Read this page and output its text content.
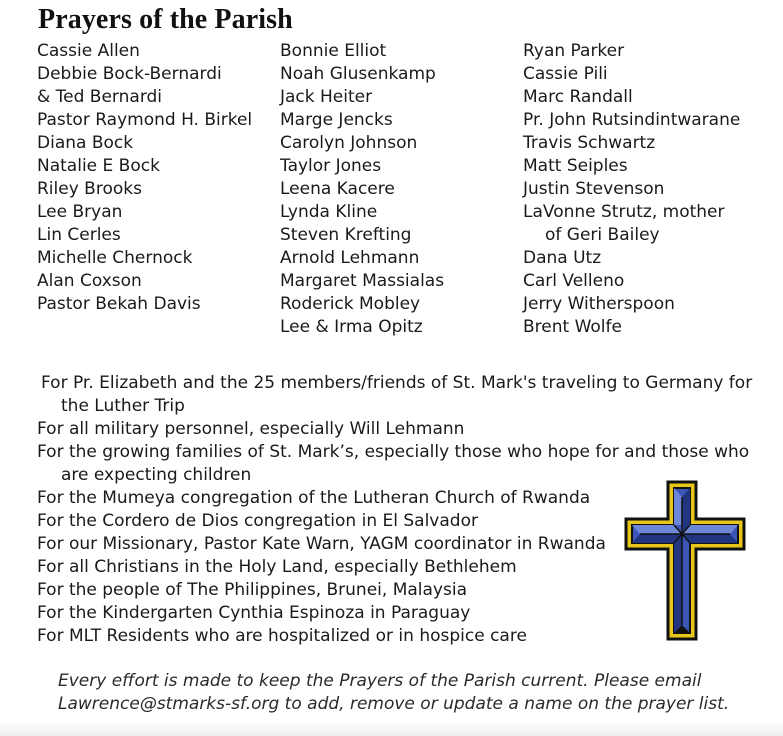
Prayers of the Parish
Cassie Allen
Debbie Bock-Bernardi
& Ted Bernardi
Pastor Raymond H. Birkel
Diana Bock
Natalie E Bock
Riley Brooks
Lee Bryan
Lin Cerles
Michelle Chernock
Alan Coxson
Pastor Bekah Davis
Bonnie Elliot
Noah Glusenkamp
Jack Heiter
Marge Jencks
Carolyn Johnson
Taylor Jones
Leena Kacere
Lynda Kline
Steven Krefting
Arnold Lehmann
Margaret Massialas
Roderick Mobley
Lee & Irma Opitz
Ryan Parker
Cassie Pili
Marc Randall
Pr. John Rutsindintwarane
Travis Schwartz
Matt Seiples
Justin Stevenson
LaVonne Strutz, mother
of Geri Bailey
Dana Utz
Carl Velleno
Jerry Witherspoon
Brent Wolfe
For Pr. Elizabeth and the 25 members/friends of St. Mark's traveling to Germany for
the Luther Trip
For all military personnel, especially Will Lehmann
For the growing families of St. Mark’s, especially those who hope for and those who
are expecting children
For the Mumeya congregation of the Lutheran Church of Rwanda
For the Cordero de Dios congregation in El Salvador
For our Missionary, Pastor Kate Warn, YAGM coordinator in Rwanda
For all Christians in the Holy Land, especially Bethlehem
For the people of The Philippines, Brunei, Malaysia
For the Kindergarten Cynthia Espinoza in Paraguay
For MLT Residents who are hospitalized or in hospice care
Every effort is made to keep the Prayers of the Parish current. Please email
Lawrence@stmarks-sf.org to add, remove or update a name on the prayer list.
